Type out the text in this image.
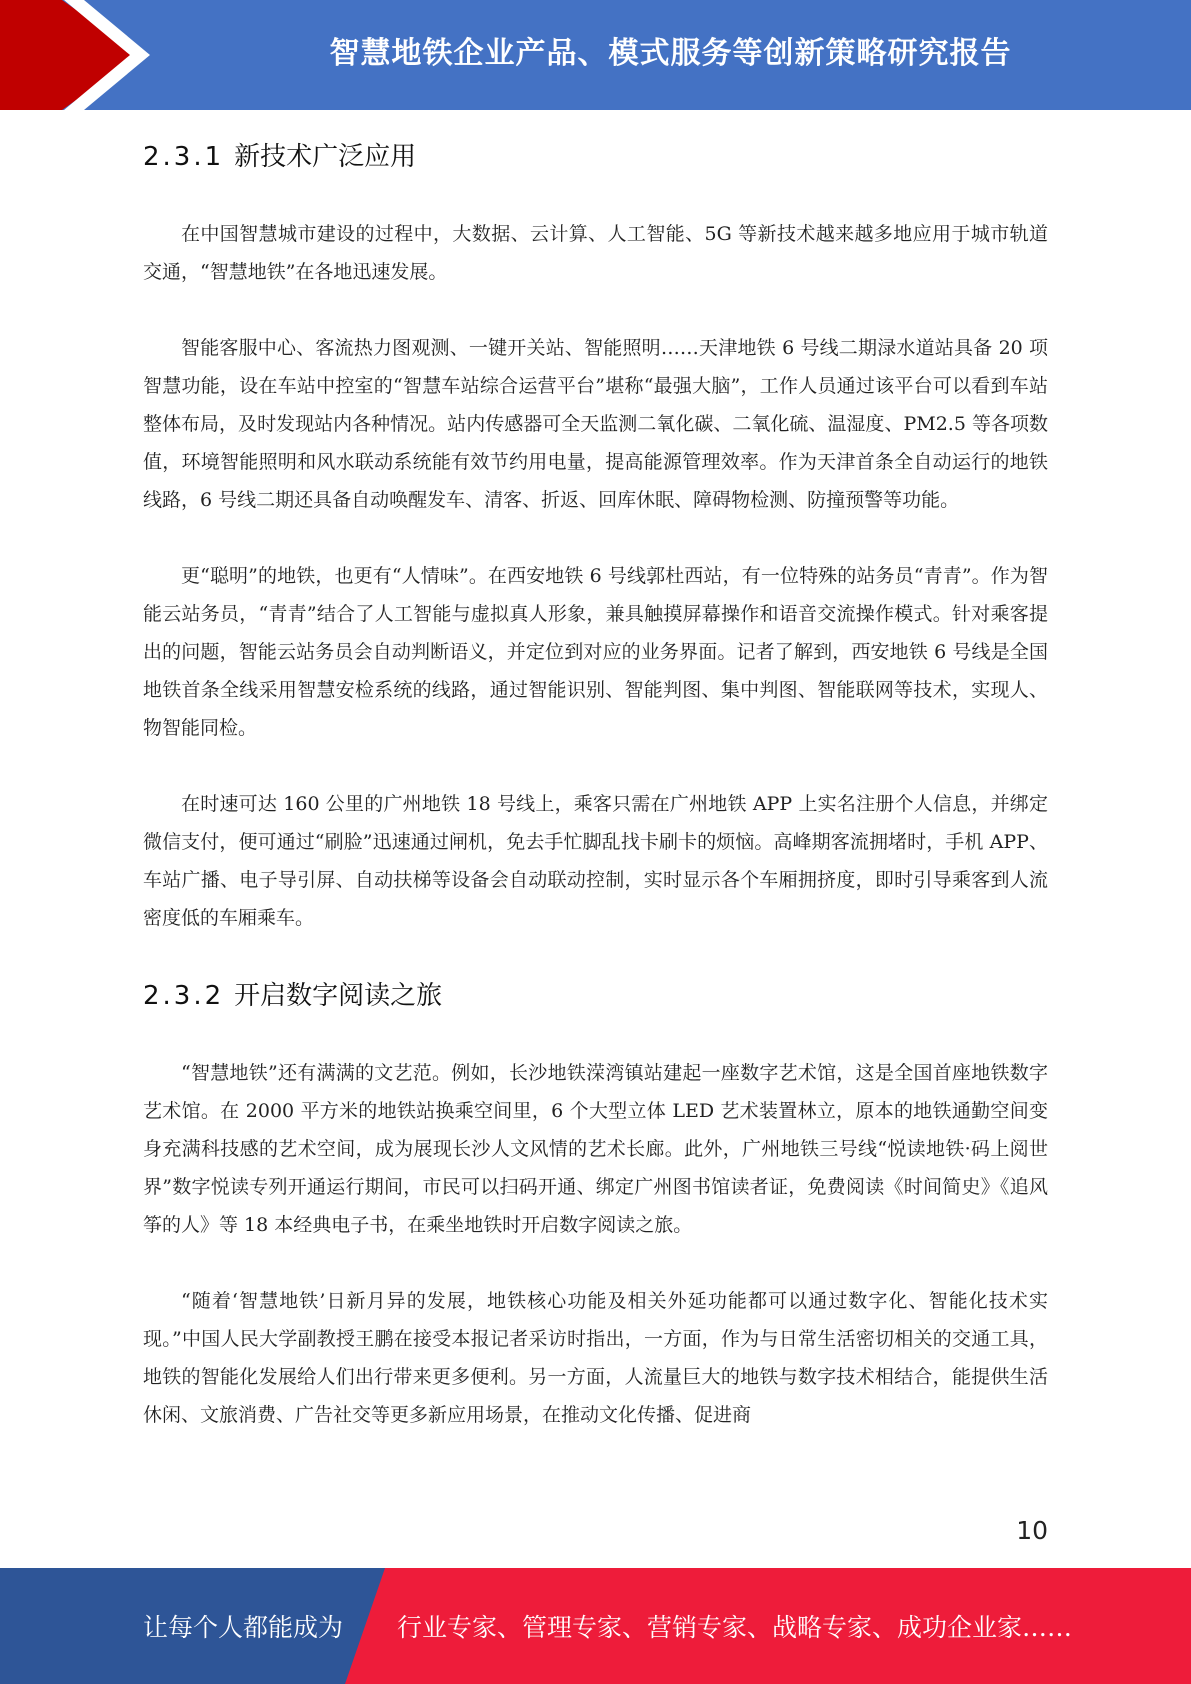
智慧地铁企业产品、模式服务等创新策略研究报告
2.3.1 新技术广泛应用

在中国智慧城市建设的过程中，大数据、云计算、人工智能、5G 等新技术越来越多地应用于城市轨道交通，“智慧地铁”在各地迅速发展。

智能客服中心、客流热力图观测、一键开关站、智能照明……天津地铁 6 号线二期渌水道站具备 20 项智慧功能，设在车站中控室的“智慧车站综合运营平台”堪称“最强大脑”，工作人员通过该平台可以看到车站整体布局，及时发现站内各种情况。站内传感器可全天监测二氧化碳、二氧化硫、温湿度、PM2.5 等各项数值，环境智能照明和风水联动系统能有效节约用电量，提高能源管理效率。作为天津首条全自动运行的地铁线路，6 号线二期还具备自动唤醒发车、清客、折返、回库休眠、障碍物检测、防撞预警等功能。

更“聪明”的地铁，也更有“人情味”。在西安地铁 6 号线郭杜西站，有一位特殊的站务员“青青”。作为智能云站务员，“青青”结合了人工智能与虚拟真人形象，兼具触摸屏幕操作和语音交流操作模式。针对乘客提出的问题，智能云站务员会自动判断语义，并定位到对应的业务界面。记者了解到，西安地铁 6 号线是全国地铁首条全线采用智慧安检系统的线路，通过智能识别、智能判图、集中判图、智能联网等技术，实现人、物智能同检。

在时速可达 160 公里的广州地铁 18 号线上，乘客只需在广州地铁 APP 上实名注册个人信息，并绑定微信支付，便可通过“刷脸”迅速通过闸机，免去手忙脚乱找卡刷卡的烦恼。高峰期客流拥堵时，手机 APP、车站广播、电子导引屏、自动扶梯等设备会自动联动控制，实时显示各个车厢拥挤度，即时引导乘客到人流密度低的车厢乘车。

2.3.2 开启数字阅读之旅

“智慧地铁”还有满满的文艺范。例如，长沙地铁溁湾镇站建起一座数字艺术馆，这是全国首座地铁数字艺术馆。在 2000 平方米的地铁站换乘空间里，6 个大型立体 LED 艺术装置林立，原本的地铁通勤空间变身充满科技感的艺术空间，成为展现长沙人文风情的艺术长廊。此外，广州地铁三号线“悦读地铁·码上阅世界”数字悦读专列开通运行期间，市民可以扫码开通、绑定广州图书馆读者证，免费阅读《时间简史》《追风筝的人》等 18 本经典电子书，在乘坐地铁时开启数字阅读之旅。

“随着‘智慧地铁’日新月异的发展，地铁核心功能及相关外延功能都可以通过数字化、智能化技术实现。”中国人民大学副教授王鹏在接受本报记者采访时指出，一方面，作为与日常生活密切相关的交通工具，地铁的智能化发展给人们出行带来更多便利。另一方面，人流量巨大的地铁与数字技术相结合，能提供生活休闲、文旅消费、广告社交等更多新应用场景，在推动文化传播、促进商

10
让每个人都能成为 行业专家、管理专家、营销专家、战略专家、成功企业家……
